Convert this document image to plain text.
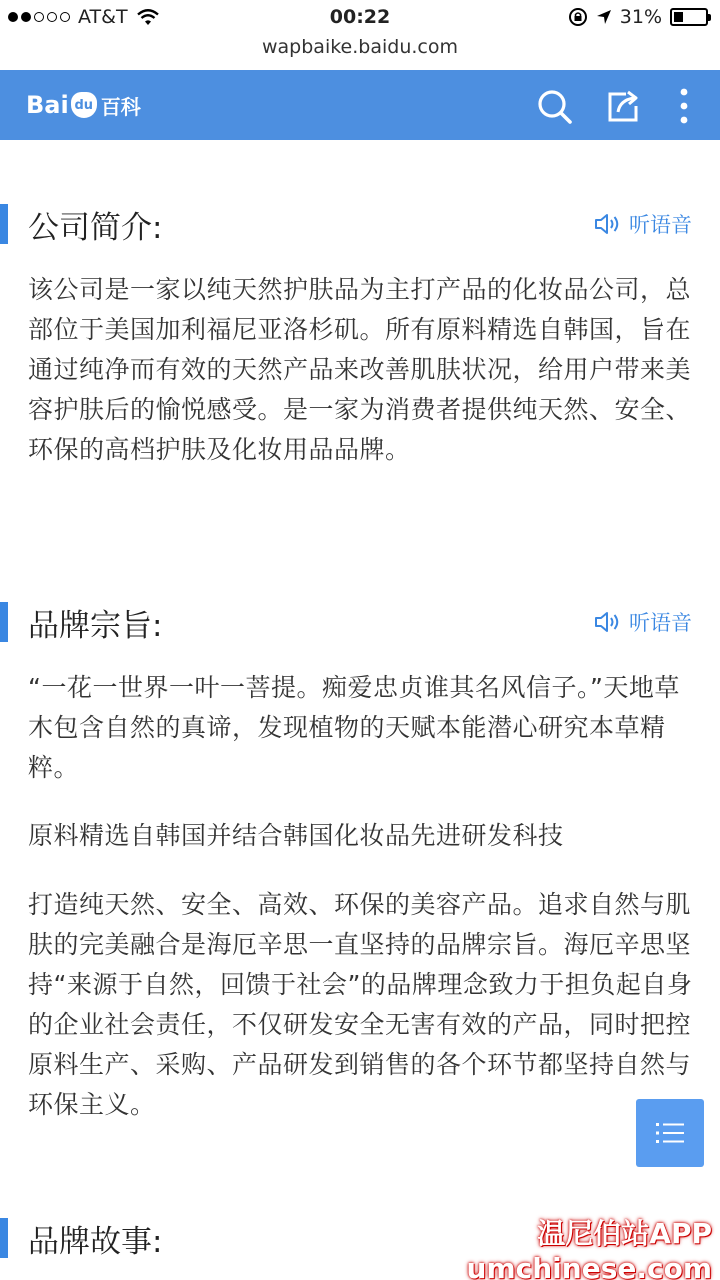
AT&T	00:22	31%
wapbaike.baidu.com
Bai du 百科
公司简介:	听语音

该公司是一家以纯天然护肤品为主打产品的化妆品公司，总部位于美国加利福尼亚洛杉矶。所有原料精选自韩国，旨在通过纯净而有效的天然产品来改善肌肤状况，给用户带来美容护肤后的愉悦感受。是一家为消费者提供纯天然、安全、环保的高档护肤及化妆用品品牌。

品牌宗旨:	听语音

“一花一世界一叶一菩提。痴爱忠贞谁其名风信子。”天地草木包含自然的真谛，发现植物的天赋本能潜心研究本草精粹。

原料精选自韩国并结合韩国化妆品先进研发科技

打造纯天然、安全、高效、环保的美容产品。追求自然与肌肤的完美融合是海厄辛思一直坚持的品牌宗旨。海厄辛思坚持“来源于自然，回馈于社会”的品牌理念致力于担负起自身的企业社会责任，不仅研发安全无害有效的产品，同时把控原料生产、采购、产品研发到销售的各个环节都坚持自然与环保主义。

品牌故事:	温尼伯站APP
umchinese.com
